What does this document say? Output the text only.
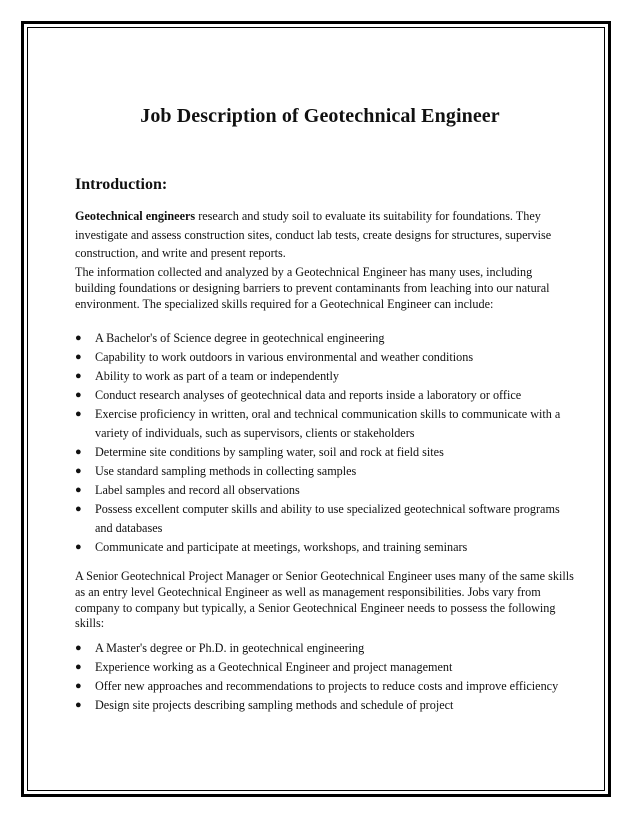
Job Description of Geotechnical Engineer
Introduction:

Geotechnical engineers research and study soil to evaluate its suitability for foundations. They investigate and assess construction sites, conduct lab tests, create designs for structures, supervise construction, and write and present reports.

The information collected and analyzed by a Geotechnical Engineer has many uses, including building foundations or designing barriers to prevent contaminants from leaching into our natural environment. The specialized skills required for a Geotechnical Engineer can include:

● A Bachelor's of Science degree in geotechnical engineering
● Capability to work outdoors in various environmental and weather conditions
● Ability to work as part of a team or independently
● Conduct research analyses of geotechnical data and reports inside a laboratory or office
● Exercise proficiency in written, oral and technical communication skills to communicate with a variety of individuals, such as supervisors, clients or stakeholders
● Determine site conditions by sampling water, soil and rock at field sites
● Use standard sampling methods in collecting samples
● Label samples and record all observations
● Possess excellent computer skills and ability to use specialized geotechnical software programs and databases
● Communicate and participate at meetings, workshops, and training seminars

A Senior Geotechnical Project Manager or Senior Geotechnical Engineer uses many of the same skills as an entry level Geotechnical Engineer as well as management responsibilities. Jobs vary from company to company but typically, a Senior Geotechnical Engineer needs to possess the following skills:

● A Master's degree or Ph.D. in geotechnical engineering
● Experience working as a Geotechnical Engineer and project management
● Offer new approaches and recommendations to projects to reduce costs and improve efficiency
● Design site projects describing sampling methods and schedule of project
